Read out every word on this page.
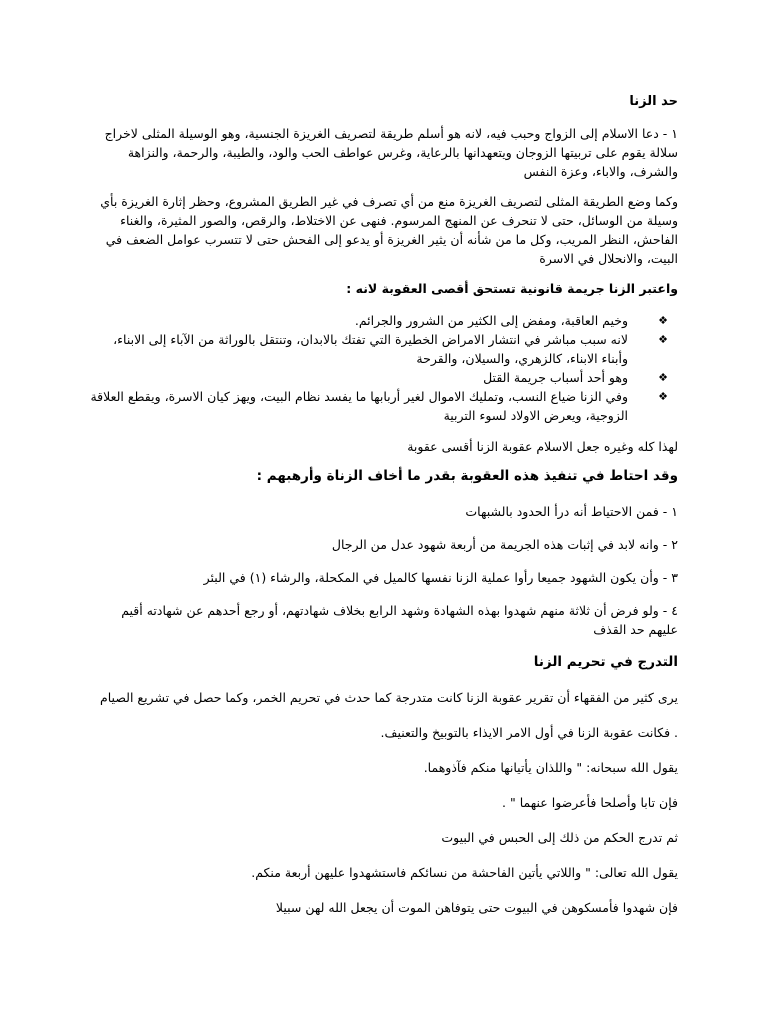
حد الزنا

١ - دعا الاسلام إلى الزواج وحبب فيه، لانه هو أسلم طريقة لتصريف الغريزة الجنسية، وهو الوسيلة المثلى لاخراج سلالة يقوم على تربيتها الزوجان ويتعهدانها بالرعاية، وغرس عواطف الحب والود، والطيبة، والرحمة، والنزاهة والشرف، والاباء، وعزة النفس

وكما وضع الطريقة المثلى لتصريف الغريزة منع من أي تصرف في غير الطريق المشروع، وحظر إثارة الغريزة بأي وسيلة من الوسائل، حتى لا تنحرف عن المنهج المرسوم. فنهى عن الاختلاط، والرقص، والصور المثيرة، والغناء الفاحش، النظر المريب، وكل ما من شأنه أن يثير الغريزة أو يدعو إلى الفحش حتى لا تتسرب عوامل الضعف في البيت، والانحلال في الاسرة

واعتبر الزنا جريمة قانونية تستحق أقصى العقوبة لانه :

❖
وخيم العاقبة، ومفض إلى الكثير من الشرور والجرائم.
❖
لانه سبب مباشر في انتشار الامراض الخطيرة التي تفتك بالابدان، وتنتقل بالوراثة من الآباء إلى الابناء، وأبناء الابناء، كالزهري، والسيلان، والقرحة
❖
وهو أحد أسباب جريمة القتل
❖
وفي الزنا ضياع النسب، وتمليك الاموال لغير أربابها ما يفسد نظام البيت، ويهز كيان الاسرة، ويقطع العلاقة الزوجية، ويعرض الاولاد لسوء التربية

لهذا كله وغيره جعل الاسلام عقوبة الزنا أقسى عقوبة

وقد احتاط في تنفيذ هذه العقوبة بقدر ما أخاف الزناة وأرهبهم :

١ - فمن الاحتياط أنه درأ الحدود بالشبهات

٢ - وانه لابد في إثبات هذه الجريمة من أربعة شهود عدل من الرجال

٣ - وأن يكون الشهود جميعا رأوا عملية الزنا نفسها كالميل في المكحلة، والرشاء (١) في البئر

٤ - ولو فرض أن ثلاثة منهم شهدوا بهذه الشهادة وشهد الرابع بخلاف شهادتهم، أو رجع أحدهم عن شهادته أقيم عليهم حد القذف

التدرج في تحريم الزنا

يرى كثير من الفقهاء أن تقرير عقوبة الزنا كانت متدرجة كما حدث في تحريم الخمر، وكما حصل في تشريع الصيام

. فكانت عقوبة الزنا في أول الامر الايذاء بالتوبيخ والتعنيف.

يقول الله سبحانه: " واللذان يأتيانها منكم فآذوهما.

فإن تابا وأصلحا فأعرضوا عنهما " .

ثم تدرج الحكم من ذلك إلى الحبس في البيوت

يقول الله تعالى: " واللاتي يأتين الفاحشة من نسائكم فاستشهدوا عليهن أربعة منكم.

فإن شهدوا فأمسكوهن في البيوت حتى يتوفاهن الموت أن يجعل الله لهن سبيلا
